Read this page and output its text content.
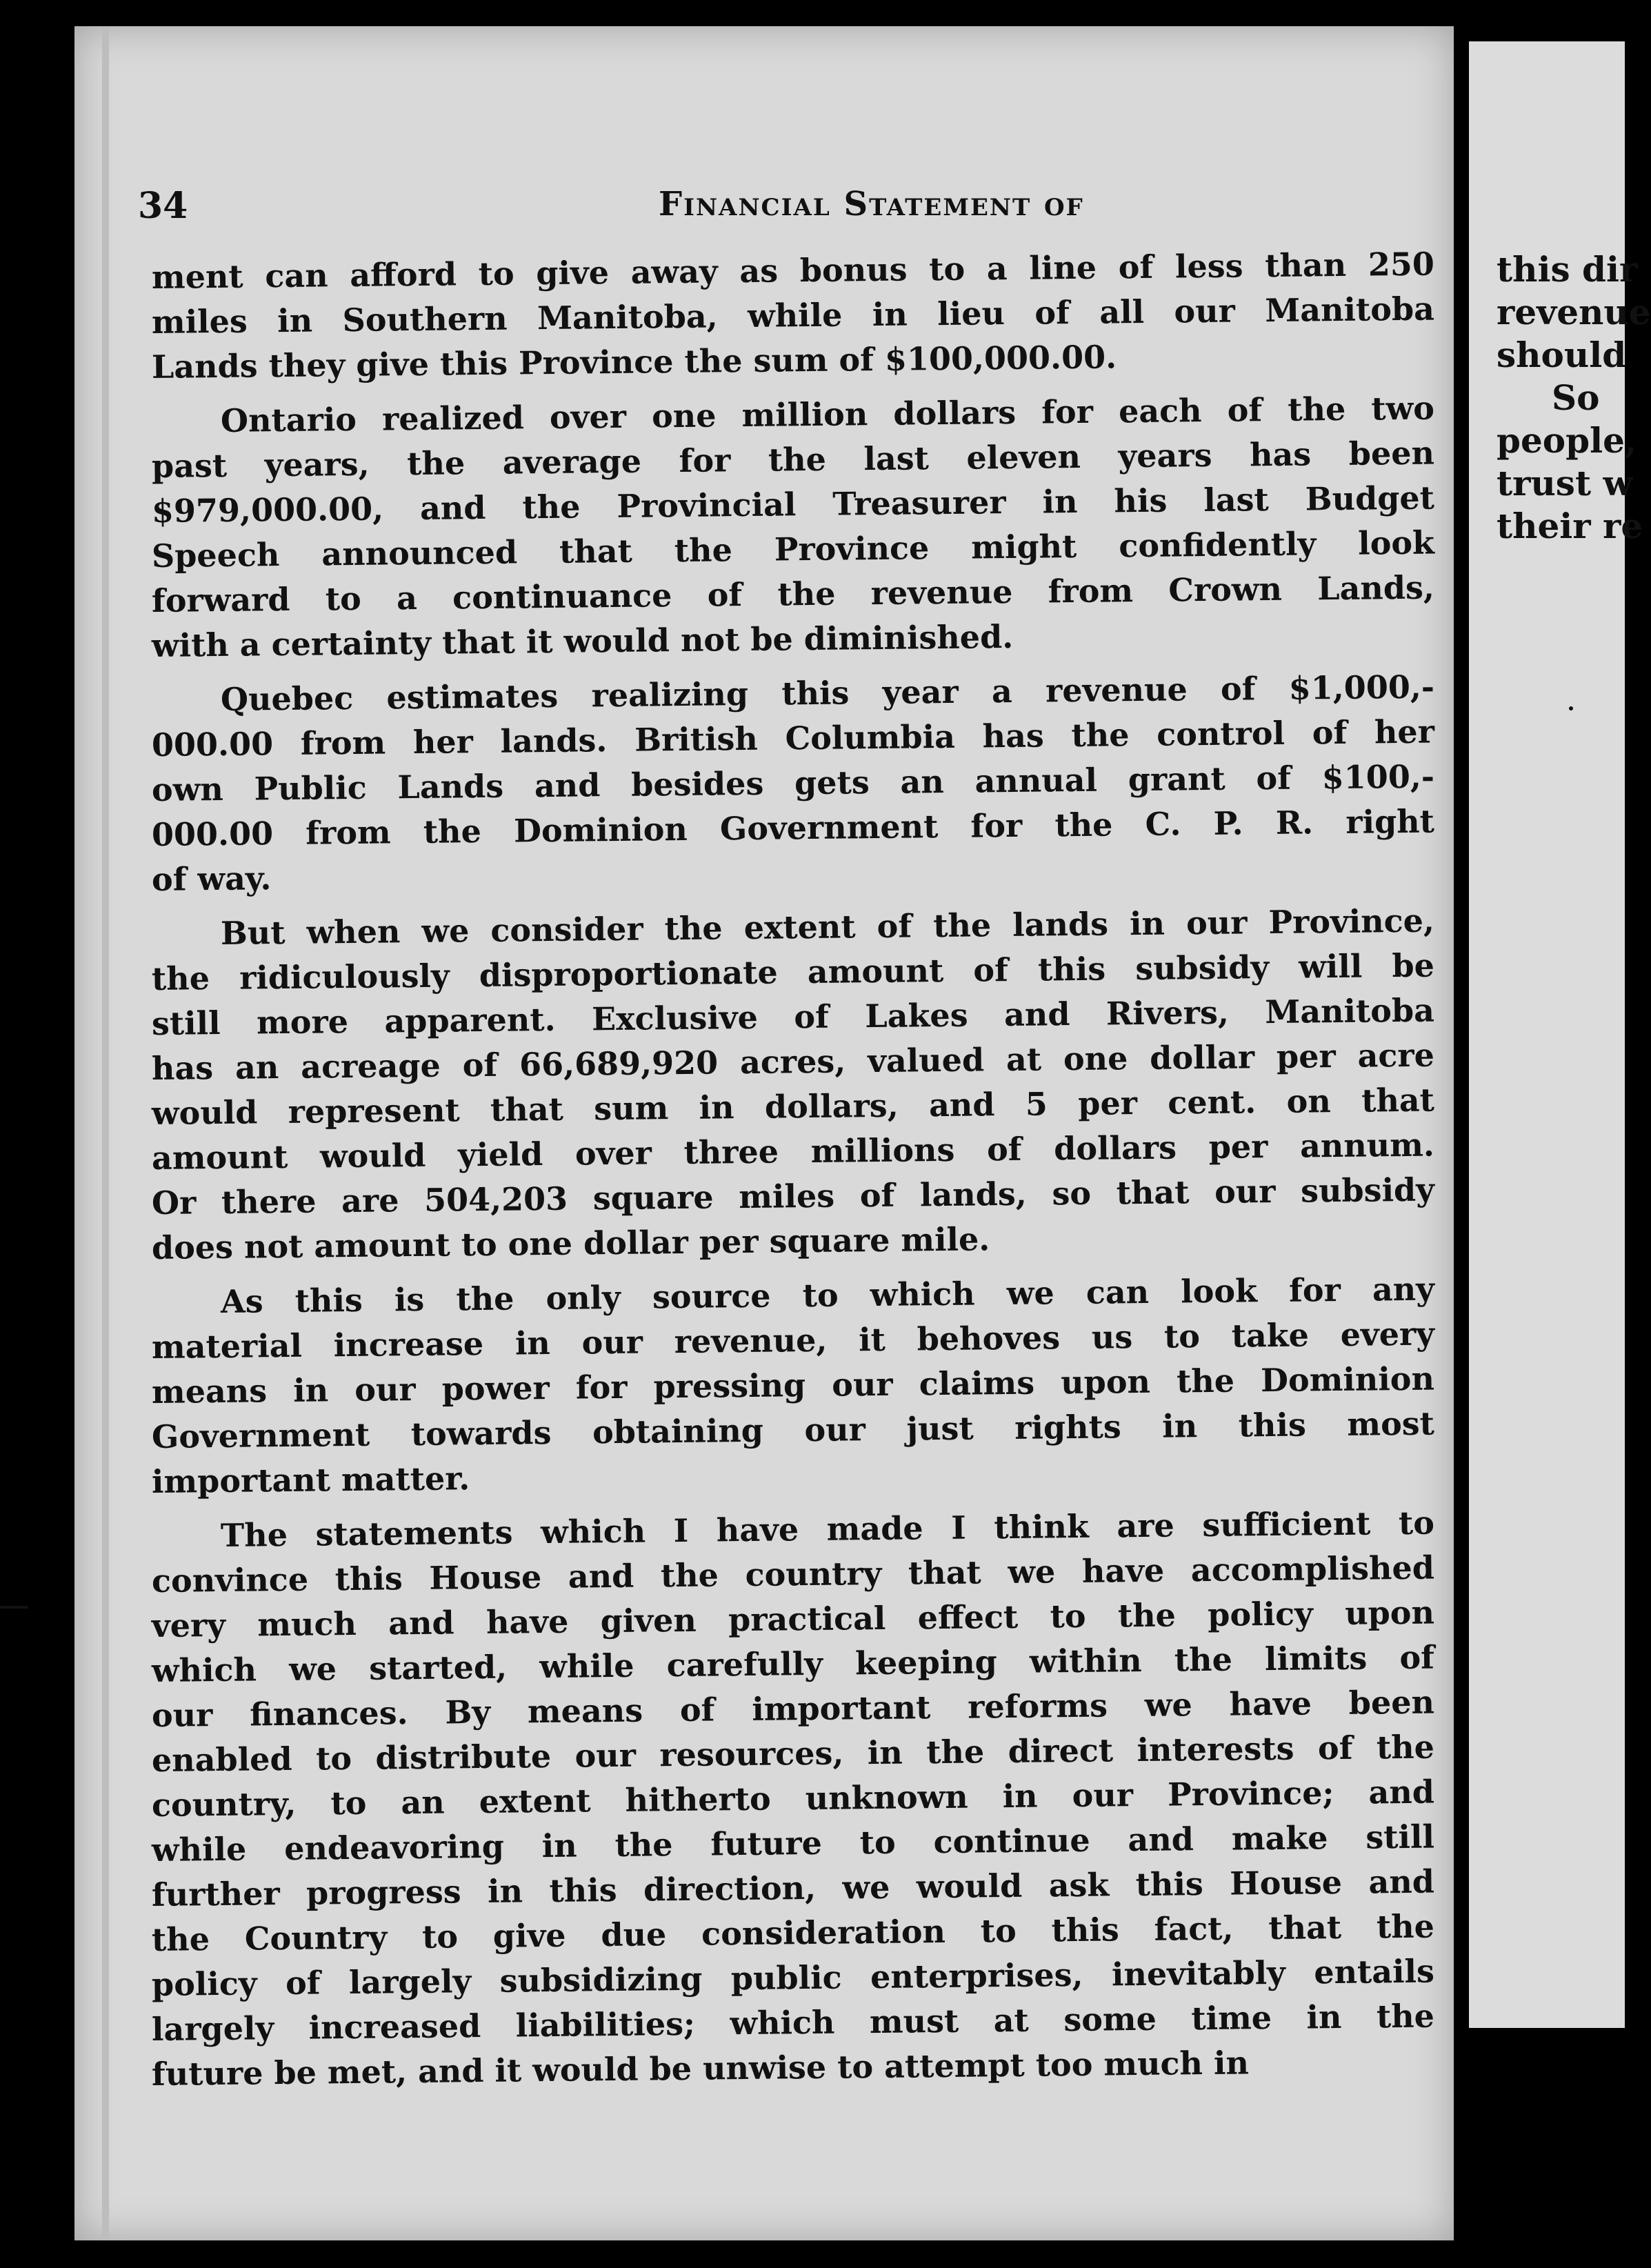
this dir
revenue
should
So
people,
trust w
their re
34	Financial Statement of
ment can afford to give away as bonus to a line of less than 250
miles in Southern Manitoba, while in lieu of all our Manitoba
Lands they give this Province the sum of $100,000.00.
Ontario realized over one million dollars for each of the two
past years, the average for the last eleven years has been
$979,000.00, and the Provincial Treasurer in his last Budget
Speech announced that the Province might confidently look
forward to a continuance of the revenue from Crown Lands,
with a certainty that it would not be diminished.
Quebec estimates realizing this year a revenue of $1,000,-
000.00 from her lands. British Columbia has the control of her
own Public Lands and besides gets an annual grant of $100,-
000.00 from the Dominion Government for the C. P. R. right
of way.
But when we consider the extent of the lands in our Province,
the ridiculously disproportionate amount of this subsidy will be
still more apparent. Exclusive of Lakes and Rivers, Manitoba
has an acreage of 66,689,920 acres, valued at one dollar per acre
would represent that sum in dollars, and 5 per cent. on that
amount would yield over three millions of dollars per annum.
Or there are 504,203 square miles of lands, so that our subsidy
does not amount to one dollar per square mile.
As this is the only source to which we can look for any
material increase in our revenue, it behoves us to take every
means in our power for pressing our claims upon the Dominion
Government towards obtaining our just rights in this most
important matter.
The statements which I have made I think are sufficient to
convince this House and the country that we have accomplished
very much and have given practical effect to the policy upon
which we started, while carefully keeping within the limits of
our finances. By means of important reforms we have been
enabled to distribute our resources, in the direct interests of the
country, to an extent hitherto unknown in our Province; and
while endeavoring in the future to continue and make still
further progress in this direction, we would ask this House and
the Country to give due consideration to this fact, that the
policy of largely subsidizing public enterprises, inevitably entails
largely increased liabilities; which must at some time in the
future be met, and it would be unwise to attempt too much in
